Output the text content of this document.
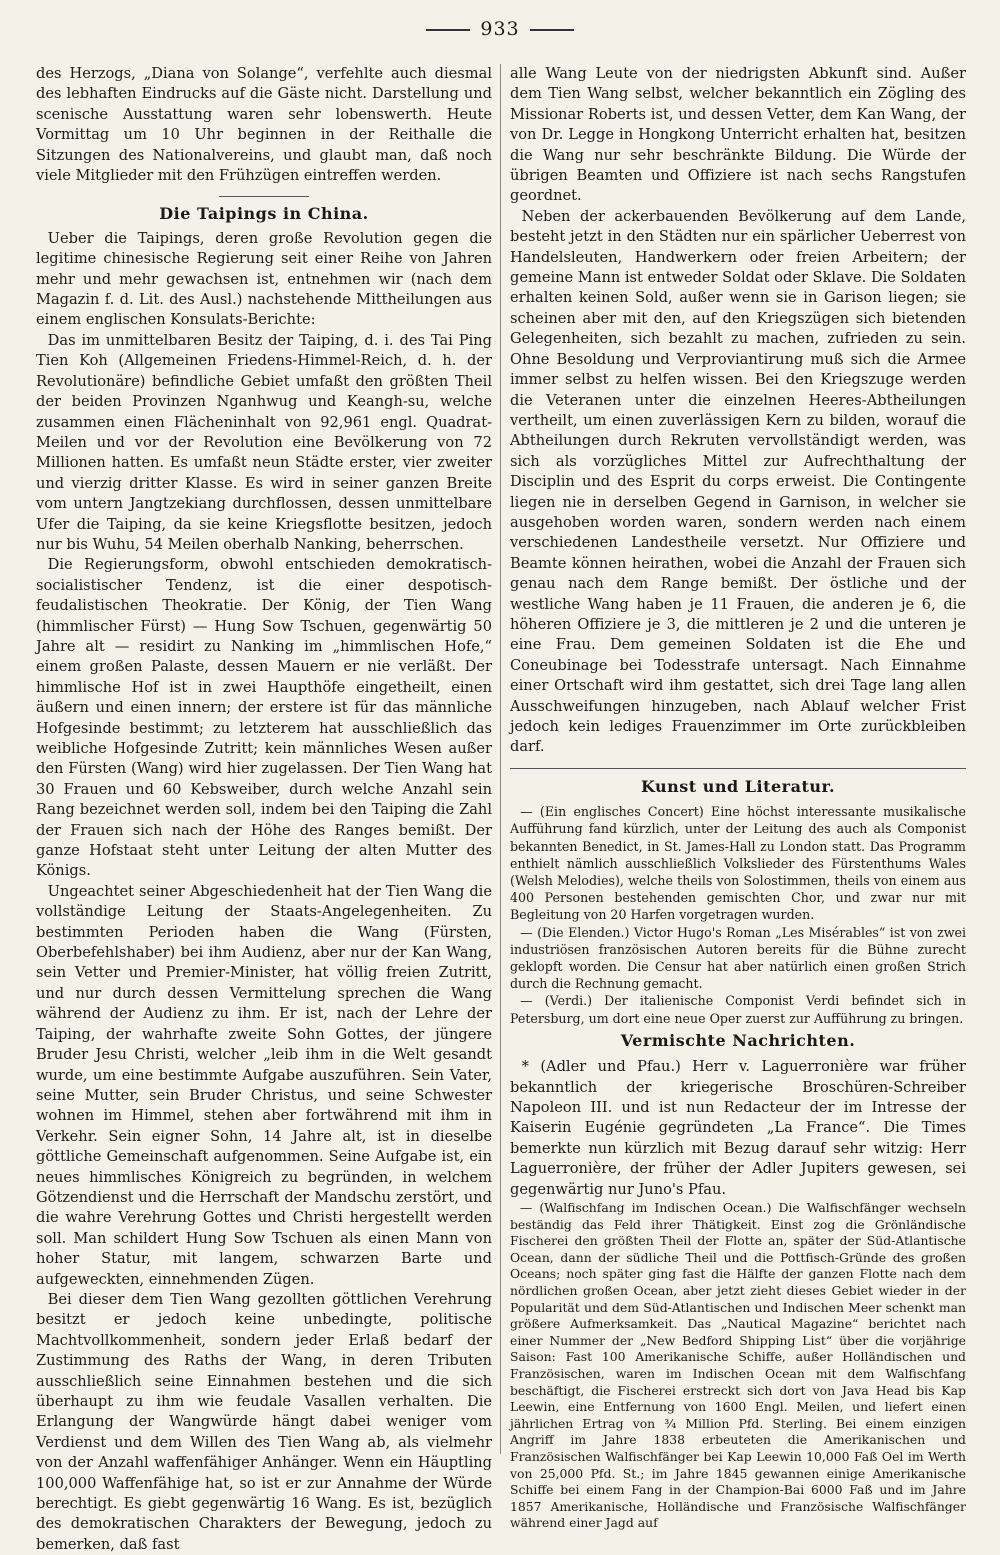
933

des Herzogs, „Diana von Solange“, verfehlte auch diesmal des lebhaften Eindrucks auf die Gäste nicht. Darstellung und scenische Ausstattung waren sehr lobenswerth. Heute Vormittag um 10 Uhr beginnen in der Reithalle die Sitzungen des Nationalvereins, und glaubt man, daß noch viele Mitglieder mit den Frühzügen eintreffen werden.

Die Taipings in China.

Ueber die Taipings, deren große Revolution gegen die legitime chinesische Regierung seit einer Reihe von Jahren mehr und mehr gewachsen ist, entnehmen wir (nach dem Magazin f. d. Lit. des Ausl.) nachstehende Mittheilungen aus einem englischen Konsulats-Berichte:

Das im unmittelbaren Besitz der Taiping, d. i. des Tai Ping Tien Koh (Allgemeinen Friedens-Himmel-Reich, d. h. der Revolutionäre) befindliche Gebiet umfaßt den größten Theil der beiden Provinzen Nganhwug und Keangh-su, welche zusammen einen Flächeninhalt von 92,961 engl. Quadrat-Meilen und vor der Revolution eine Bevölkerung von 72 Millionen hatten. Es umfaßt neun Städte erster, vier zweiter und vierzig dritter Klasse. Es wird in seiner ganzen Breite vom untern Jangtzekiang durchflossen, dessen unmittelbare Ufer die Taiping, da sie keine Kriegsflotte besitzen, jedoch nur bis Wuhu, 54 Meilen oberhalb Nanking, beherrschen.

Die Regierungsform, obwohl entschieden demokratisch-socialistischer Tendenz, ist die einer despotisch-feudalistischen Theokratie. Der König, der Tien Wang (himmlischer Fürst) — Hung Sow Tschuen, gegenwärtig 50 Jahre alt — residirt zu Nanking im „himmlischen Hofe,“ einem großen Palaste, dessen Mauern er nie verläßt. Der himmlische Hof ist in zwei Haupthöfe eingetheilt, einen äußern und einen innern; der erstere ist für das männliche Hofgesinde bestimmt; zu letzterem hat ausschließlich das weibliche Hofgesinde Zutritt; kein männliches Wesen außer den Fürsten (Wang) wird hier zugelassen. Der Tien Wang hat 30 Frauen und 60 Kebsweiber, durch welche Anzahl sein Rang bezeichnet werden soll, indem bei den Taiping die Zahl der Frauen sich nach der Höhe des Ranges bemißt. Der ganze Hofstaat steht unter Leitung der alten Mutter des Königs.

Ungeachtet seiner Abgeschiedenheit hat der Tien Wang die vollständige Leitung der Staats-Angelegenheiten. Zu bestimmten Perioden haben die Wang (Fürsten, Oberbefehlshaber) bei ihm Audienz, aber nur der Kan Wang, sein Vetter und Premier-Minister, hat völlig freien Zutritt, und nur durch dessen Vermittelung sprechen die Wang während der Audienz zu ihm. Er ist, nach der Lehre der Taiping, der wahrhafte zweite Sohn Gottes, der jüngere Bruder Jesu Christi, welcher „leib ihm in die Welt gesandt wurde, um eine bestimmte Aufgabe auszuführen. Sein Vater, seine Mutter, sein Bruder Christus, und seine Schwester wohnen im Himmel, stehen aber fortwährend mit ihm in Verkehr. Sein eigner Sohn, 14 Jahre alt, ist in dieselbe göttliche Gemeinschaft aufgenommen. Seine Aufgabe ist, ein neues himmlisches Königreich zu begründen, in welchem Götzendienst und die Herrschaft der Mandschu zerstört, und die wahre Verehrung Gottes und Christi hergestellt werden soll. Man schildert Hung Sow Tschuen als einen Mann von hoher Statur, mit langem, schwarzen Barte und aufgeweckten, einnehmenden Zügen.

Bei dieser dem Tien Wang gezollten göttlichen Verehrung besitzt er jedoch keine unbedingte, politische Machtvollkommenheit, sondern jeder Erlaß bedarf der Zustimmung des Raths der Wang, in deren Tributen ausschließlich seine Einnahmen bestehen und die sich überhaupt zu ihm wie feudale Vasallen verhalten. Die Erlangung der Wangwürde hängt dabei weniger vom Verdienst und dem Willen des Tien Wang ab, als vielmehr von der Anzahl waffenfähiger Anhänger. Wenn ein Häuptling 100,000 Waffenfähige hat, so ist er zur Annahme der Würde berechtigt. Es giebt gegenwärtig 16 Wang. Es ist, bezüglich des demokratischen Charakters der Bewegung, jedoch zu bemerken, daß fast

alle Wang Leute von der niedrigsten Abkunft sind. Außer dem Tien Wang selbst, welcher bekanntlich ein Zögling des Missionar Roberts ist, und dessen Vetter, dem Kan Wang, der von Dr. Legge in Hongkong Unterricht erhalten hat, besitzen die Wang nur sehr beschränkte Bildung. Die Würde der übrigen Beamten und Offiziere ist nach sechs Rangstufen geordnet.

Neben der ackerbauenden Bevölkerung auf dem Lande, besteht jetzt in den Städten nur ein spärlicher Ueberrest von Handelsleuten, Handwerkern oder freien Arbeitern; der gemeine Mann ist entweder Soldat oder Sklave. Die Soldaten erhalten keinen Sold, außer wenn sie in Garison liegen; sie scheinen aber mit den, auf den Kriegszügen sich bietenden Gelegenheiten, sich bezahlt zu machen, zufrieden zu sein. Ohne Besoldung und Verproviantirung muß sich die Armee immer selbst zu helfen wissen. Bei den Kriegszuge werden die Veteranen unter die einzelnen Heeres-Abtheilungen vertheilt, um einen zuverlässigen Kern zu bilden, worauf die Abtheilungen durch Rekruten vervollständigt werden, was sich als vorzügliches Mittel zur Aufrechthaltung der Disciplin und des Esprit du corps erweist. Die Contingente liegen nie in derselben Gegend in Garnison, in welcher sie ausgehoben worden waren, sondern werden nach einem verschiedenen Landestheile versetzt. Nur Offiziere und Beamte können heirathen, wobei die Anzahl der Frauen sich genau nach dem Range bemißt. Der östliche und der westliche Wang haben je 11 Frauen, die anderen je 6, die höheren Offiziere je 3, die mittleren je 2 und die unteren je eine Frau. Dem gemeinen Soldaten ist die Ehe und Coneubinage bei Todesstrafe untersagt. Nach Einnahme einer Ortschaft wird ihm gestattet, sich drei Tage lang allen Ausschweifungen hinzugeben, nach Ablauf welcher Frist jedoch kein lediges Frauenzimmer im Orte zurückbleiben darf.

Kunst und Literatur.

— (Ein englisches Concert) Eine höchst interessante musikalische Aufführung fand kürzlich, unter der Leitung des auch als Componist bekannten Benedict, in St. James-Hall zu London statt. Das Programm enthielt nämlich ausschließlich Volkslieder des Fürstenthums Wales (Welsh Melodies), welche theils von Solostimmen, theils von einem aus 400 Personen bestehenden gemischten Chor, und zwar nur mit Begleitung von 20 Harfen vorgetragen wurden.

— (Die Elenden.) Victor Hugo's Roman „Les Misérables“ ist von zwei industriösen französischen Autoren bereits für die Bühne zurecht geklopft worden. Die Censur hat aber natürlich einen großen Strich durch die Rechnung gemacht.

— (Verdi.) Der italienische Componist Verdi befindet sich in Petersburg, um dort eine neue Oper zuerst zur Aufführung zu bringen.

Vermischte Nachrichten.

* (Adler und Pfau.) Herr v. Laguerronière war früher bekanntlich der kriegerische Broschüren-Schreiber Napoleon III. und ist nun Redacteur der im Intresse der Kaiserin Eugénie gegründeten „La France“. Die Times bemerkte nun kürzlich mit Bezug darauf sehr witzig: Herr Laguerronière, der früher der Adler Jupiters gewesen, sei gegenwärtig nur Juno's Pfau.

— (Walfischfang im Indischen Ocean.) Die Walfischfänger wechseln beständig das Feld ihrer Thätigkeit. Einst zog die Grönländische Fischerei den größten Theil der Flotte an, später der Süd-Atlantische Ocean, dann der südliche Theil und die Pottfisch-Gründe des großen Oceans; noch später ging fast die Hälfte der ganzen Flotte nach dem nördlichen großen Ocean, aber jetzt zieht dieses Gebiet wieder in der Popularität und dem Süd-Atlantischen und Indischen Meer schenkt man größere Aufmerksamkeit. Das „Nautical Magazine“ berichtet nach einer Nummer der „New Bedford Shipping List“ über die vorjährige Saison: Fast 100 Amerikanische Schiffe, außer Holländischen und Französischen, waren im Indischen Ocean mit dem Walfischfang beschäftigt, die Fischerei erstreckt sich dort von Java Head bis Kap Leewin, eine Entfernung von 1600 Engl. Meilen, und liefert einen jährlichen Ertrag von ¾ Million Pfd. Sterling. Bei einem einzigen Angriff im Jahre 1838 erbeuteten die Amerikanischen und Französischen Walfischfänger bei Kap Leewin 10,000 Faß Oel im Werth von 25,000 Pfd. St.; im Jahre 1845 gewannen einige Amerikanische Schiffe bei einem Fang in der Champion-Bai 6000 Faß und im Jahre 1857 Amerikanische, Holländische und Französische Walfischfänger während einer Jagd auf
